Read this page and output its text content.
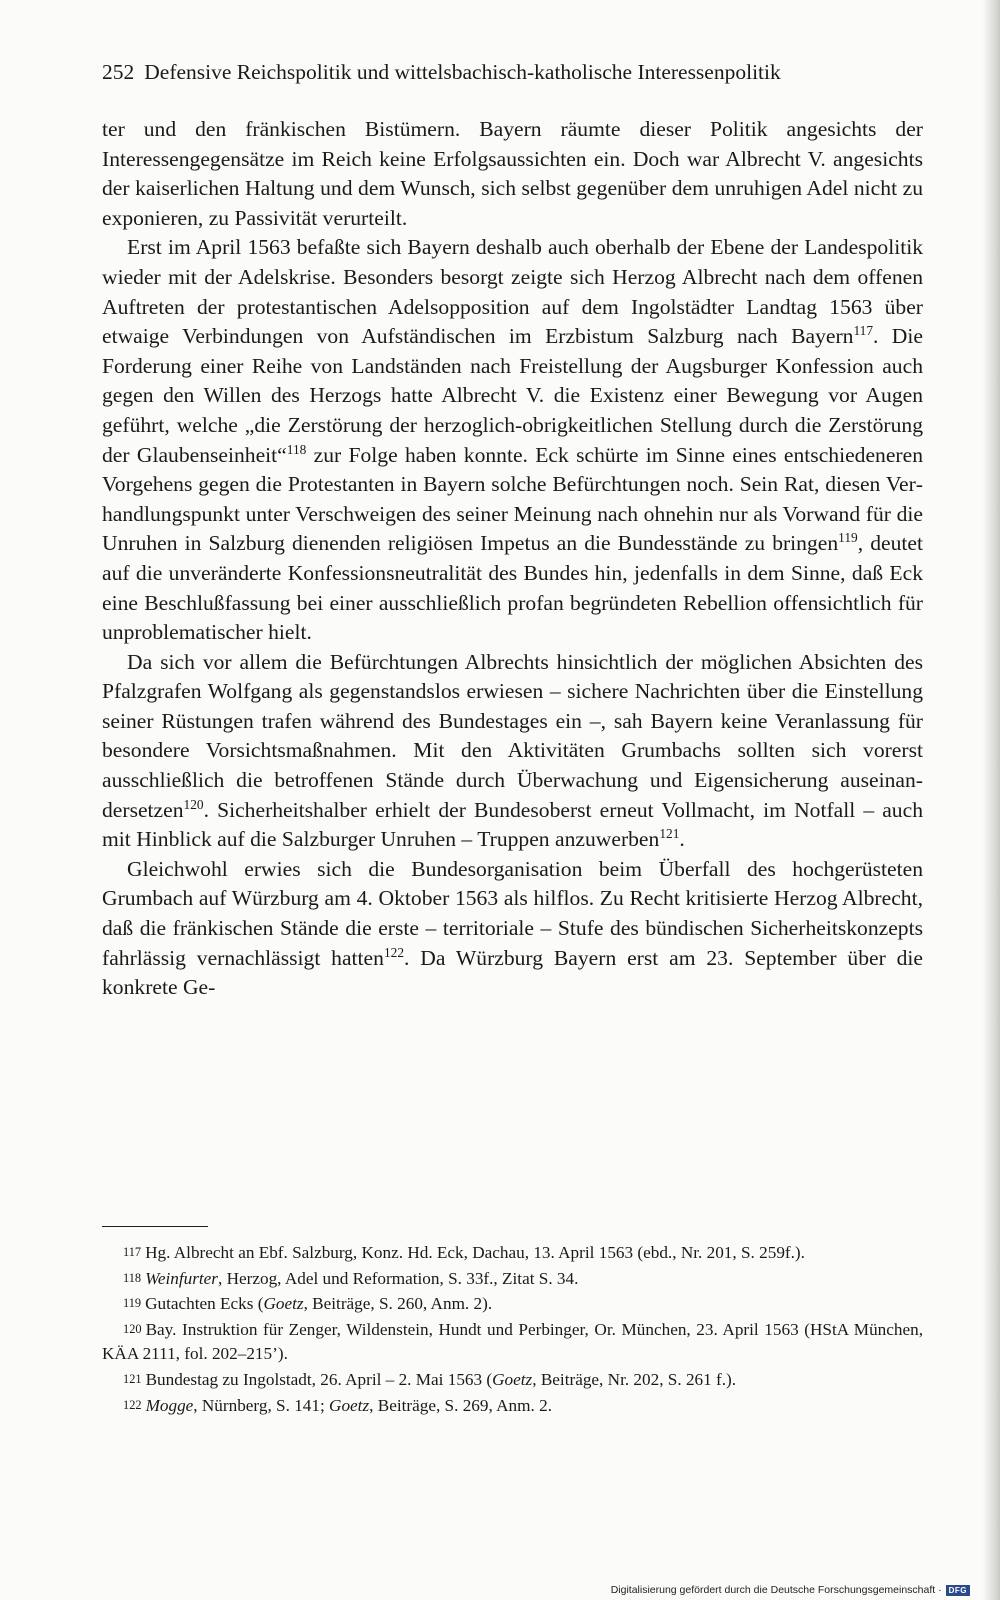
252 Defensive Reichspolitik und wittelsbachisch-katholische Interessenpolitik

ter und den fränkischen Bistümern. Bayern räumte dieser Politik angesichts der Interessengegensätze im Reich keine Erfolgsaussichten ein. Doch war Albrecht V. angesichts der kaiserlichen Haltung und dem Wunsch, sich selbst gegenüber dem unruhigen Adel nicht zu exponieren, zu Passivität verurteilt.

Erst im April 1563 befaßte sich Bayern deshalb auch oberhalb der Ebene der Landespolitik wieder mit der Adelskrise. Besonders besorgt zeigte sich Herzog Albrecht nach dem offenen Auftreten der protestantischen Adelsopposition auf dem Ingolstädter Landtag 1563 über etwaige Verbindungen von Aufständischen im Erzbistum Salzburg nach Bayern$^{117}$. Die Forderung einer Reihe von Landständen nach Freistellung der Augsburger Konfession auch gegen den Willen des Herzogs hatte Albrecht V. die Existenz einer Bewegung vor Augen geführt, welche „die Zerstörung der herzoglich-obrigkeitlichen Stellung durch die Zerstörung der Glaubenseinheit“$^{118}$ zur Folge haben konnte. Eck schürte im Sinne eines entschiedeneren Vorgehens gegen die Protestanten in Bayern solche Befürchtungen noch. Sein Rat, diesen Verhandlungspunkt unter Verschweigen des seiner Meinung nach ohnehin nur als Vorwand für die Unruhen in Salzburg dienenden religiösen Impetus an die Bundesstände zu bringen$^{119}$, deutet auf die unveränderte Konfessionsneutralität des Bundes hin, jedenfalls in dem Sinne, daß Eck eine Beschlußfassung bei einer ausschließlich profan begründeten Rebellion offensichtlich für unproblematischer hielt.

Da sich vor allem die Befürchtungen Albrechts hinsichtlich der möglichen Absichten des Pfalzgrafen Wolfgang als gegenstandslos erwiesen – sichere Nachrichten über die Einstellung seiner Rüstungen trafen während des Bundestages ein –, sah Bayern keine Veranlassung für besondere Vorsichtsmaßnahmen. Mit den Aktivitäten Grumbachs sollten sich vorerst ausschließlich die betroffenen Stände durch Überwachung und Eigensicherung auseinandersetzen$^{120}$. Sicherheitshalber erhielt der Bundesoberst erneut Vollmacht, im Notfall – auch mit Hinblick auf die Salzburger Unruhen – Truppen anzuwerben$^{121}$.

Gleichwohl erwies sich die Bundesorganisation beim Überfall des hochgerüsteten Grumbach auf Würzburg am 4. Oktober 1563 als hilflos. Zu Recht kritisierte Herzog Albrecht, daß die fränkischen Stände die erste – territoriale – Stufe des bündischen Sicherheitskonzepts fahrlässig vernachlässigt hatten$^{122}$. Da Würzburg Bayern erst am 23. September über die konkrete Ge-

117 Hg. Albrecht an Ebf. Salzburg, Konz. Hd. Eck, Dachau, 13. April 1563 (ebd., Nr. 201, S. 259f.).

118 Weinfurter, Herzog, Adel und Reformation, S. 33f., Zitat S. 34.

119 Gutachten Ecks (Goetz, Beiträge, S. 260, Anm. 2).

120 Bay. Instruktion für Zenger, Wildenstein, Hundt und Perbinger, Or. München, 23. April 1563 (HStA München, KÄA 2111, fol. 202–215’).

121 Bundestag zu Ingolstadt, 26. April – 2. Mai 1563 (Goetz, Beiträge, Nr. 202, S. 261 f.).

122 Mogge, Nürnberg, S. 141; Goetz, Beiträge, S. 269, Anm. 2.

Digitalisierung gefördert durch die Deutsche Forschungsgemeinschaft · DFG
